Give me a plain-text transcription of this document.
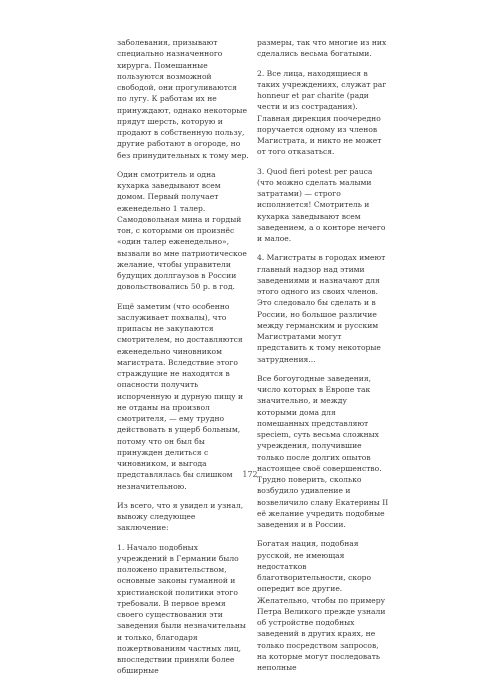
заболевания, призывают специально назначенного хирурга. Помешанные пользуются возможной свободой, они прогуливаются по лугу. К работам их не принуждают, однако некоторые прядут шерсть, которую и продают в собственную пользу, другие работают в огороде, но без принудительных к тому мер.

Один смотритель и одна кухарка заведывают всем домом. Первый получает еженедельно 1 талер. Самодовольная мина и гордый тон, с которыми он произнёс «один талер еженедельно», вызвали во мне патриотическое желание, чтобы управители будущих доллгаузов в России довольствовались 50 р. в год.

Ещё заметим (что особенно заслуживает похвалы), что припасы не закупаются смотрителем, но доставляются еженедельно чиновником магистрата. Вследствие этого страждущие не находятся в опасности получить испорченную и дурную пищу и не отданы на произвол смотрителя, — ему трудно действовать в ущерб больным, потому что он был бы принужден делиться с чиновником, и выгода представлялась бы слишком незначительною.

Из всего, что я увидел и узнал, вывожу следующее заключение:

1. Начало подобных учреждений в Германии было положено правительством, основные законы гуманной и христианской политики этого требовали. В первое время своего существования эти заведения были незначительны и только, благодаря пожертвованиям частных лиц, впоследствии приняли более обширные

размеры, так что многие из них сделались весьма богатыми.

2. Все лица, находящиеся в таких учреждениях, служат par honneur et par charite (ради чести и из сострадания). Главная дирекция поочередно поручается одному из членов Магистрата, и никто не может от того отказаться.

3. Quod fieri potest per pauca (что можно сделать малыми затратами) — строго исполняется! Смотритель и кухарка заведывают всем заведением, а о конторе нечего и малое.

4. Магистраты в городах имеют главный надзор над этими заведениями и назначают для этого одного из своих членов. Это следовало бы сделать и в России, но большое различие между германским и русским Магистратами могут представить к тому некоторые затруднения...

Все богоугодные заведения, число которых в Европе так значительно, и между которыми дома для помешанных представляют speciem, суть весьма сложных учреждения, получившие только после долгих опытов настоящее своё совершенство. Трудно поверить, сколько возбудило удивление и возвеличило славу Екатерины II её желание учредить подобные заведения и в России.

Богатая нация, подобная русской, не имеющая недостатков благотворительности, скоро опередит все другие. Желательно, чтобы по примеру Петра Великого прежде узнали об устройстве подобных заведений в других краях, не только посредством запросов, на которые могут последовать неполные

172
